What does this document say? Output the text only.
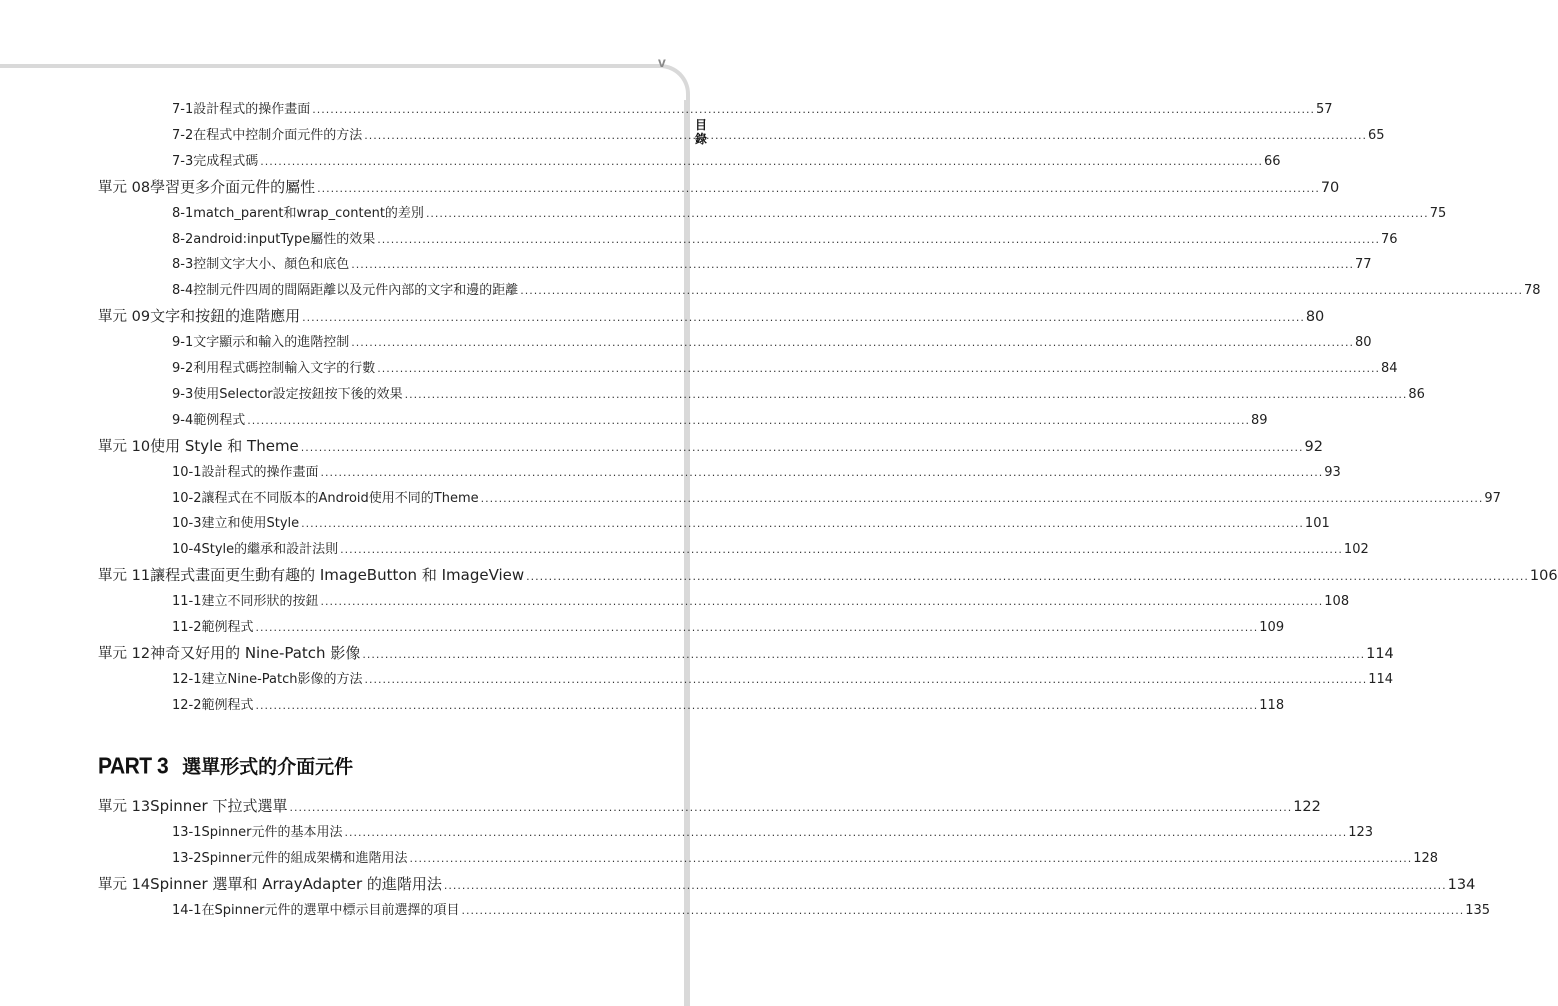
v
目錄
7-1 設計程式的操作畫面 .....	57
7-2 在程式中控制介面元件的方法 .....	65
7-3 完成程式碼 .....	66
單元 08 學習更多介面元件的屬性 .....	70
8-1 match_parent和wrap_content的差別 .....	75
8-2 android:inputType屬性的效果 .....	76
8-3 控制文字大小、顏色和底色 .....	77
8-4 控制元件四周的間隔距離以及元件內部的文字和邊的距離 .....	78
單元 09 文字和按鈕的進階應用 .....	80
9-1 文字顯示和輸入的進階控制 .....	80
9-2 利用程式碼控制輸入文字的行數 .....	84
9-3 使用Selector設定按鈕按下後的效果 .....	86
9-4 範例程式 .....	89
單元 10 使用 Style 和 Theme .....	92
10-1 設計程式的操作畫面 .....	93
10-2 讓程式在不同版本的Android使用不同的Theme .....	97
10-3 建立和使用Style .....	101
10-4 Style的繼承和設計法則 .....	102
單元 11 讓程式畫面更生動有趣的 ImageButton 和 ImageView .....	106
11-1 建立不同形狀的按鈕 .....	108
11-2 範例程式 .....	109
單元 12 神奇又好用的 Nine-Patch 影像 .....	114
12-1 建立Nine-Patch影像的方法 .....	114
12-2 範例程式 .....	118
單元 13 Spinner 下拉式選單 .....	122
13-1 Spinner元件的基本用法 .....	123
13-2 Spinner元件的組成架構和進階用法 .....	128
單元 14 Spinner 選單和 ArrayAdapter 的進階用法 .....	134
14-1 在Spinner元件的選單中標示目前選擇的項目 .....	135
PART 3 選單形式的介面元件
